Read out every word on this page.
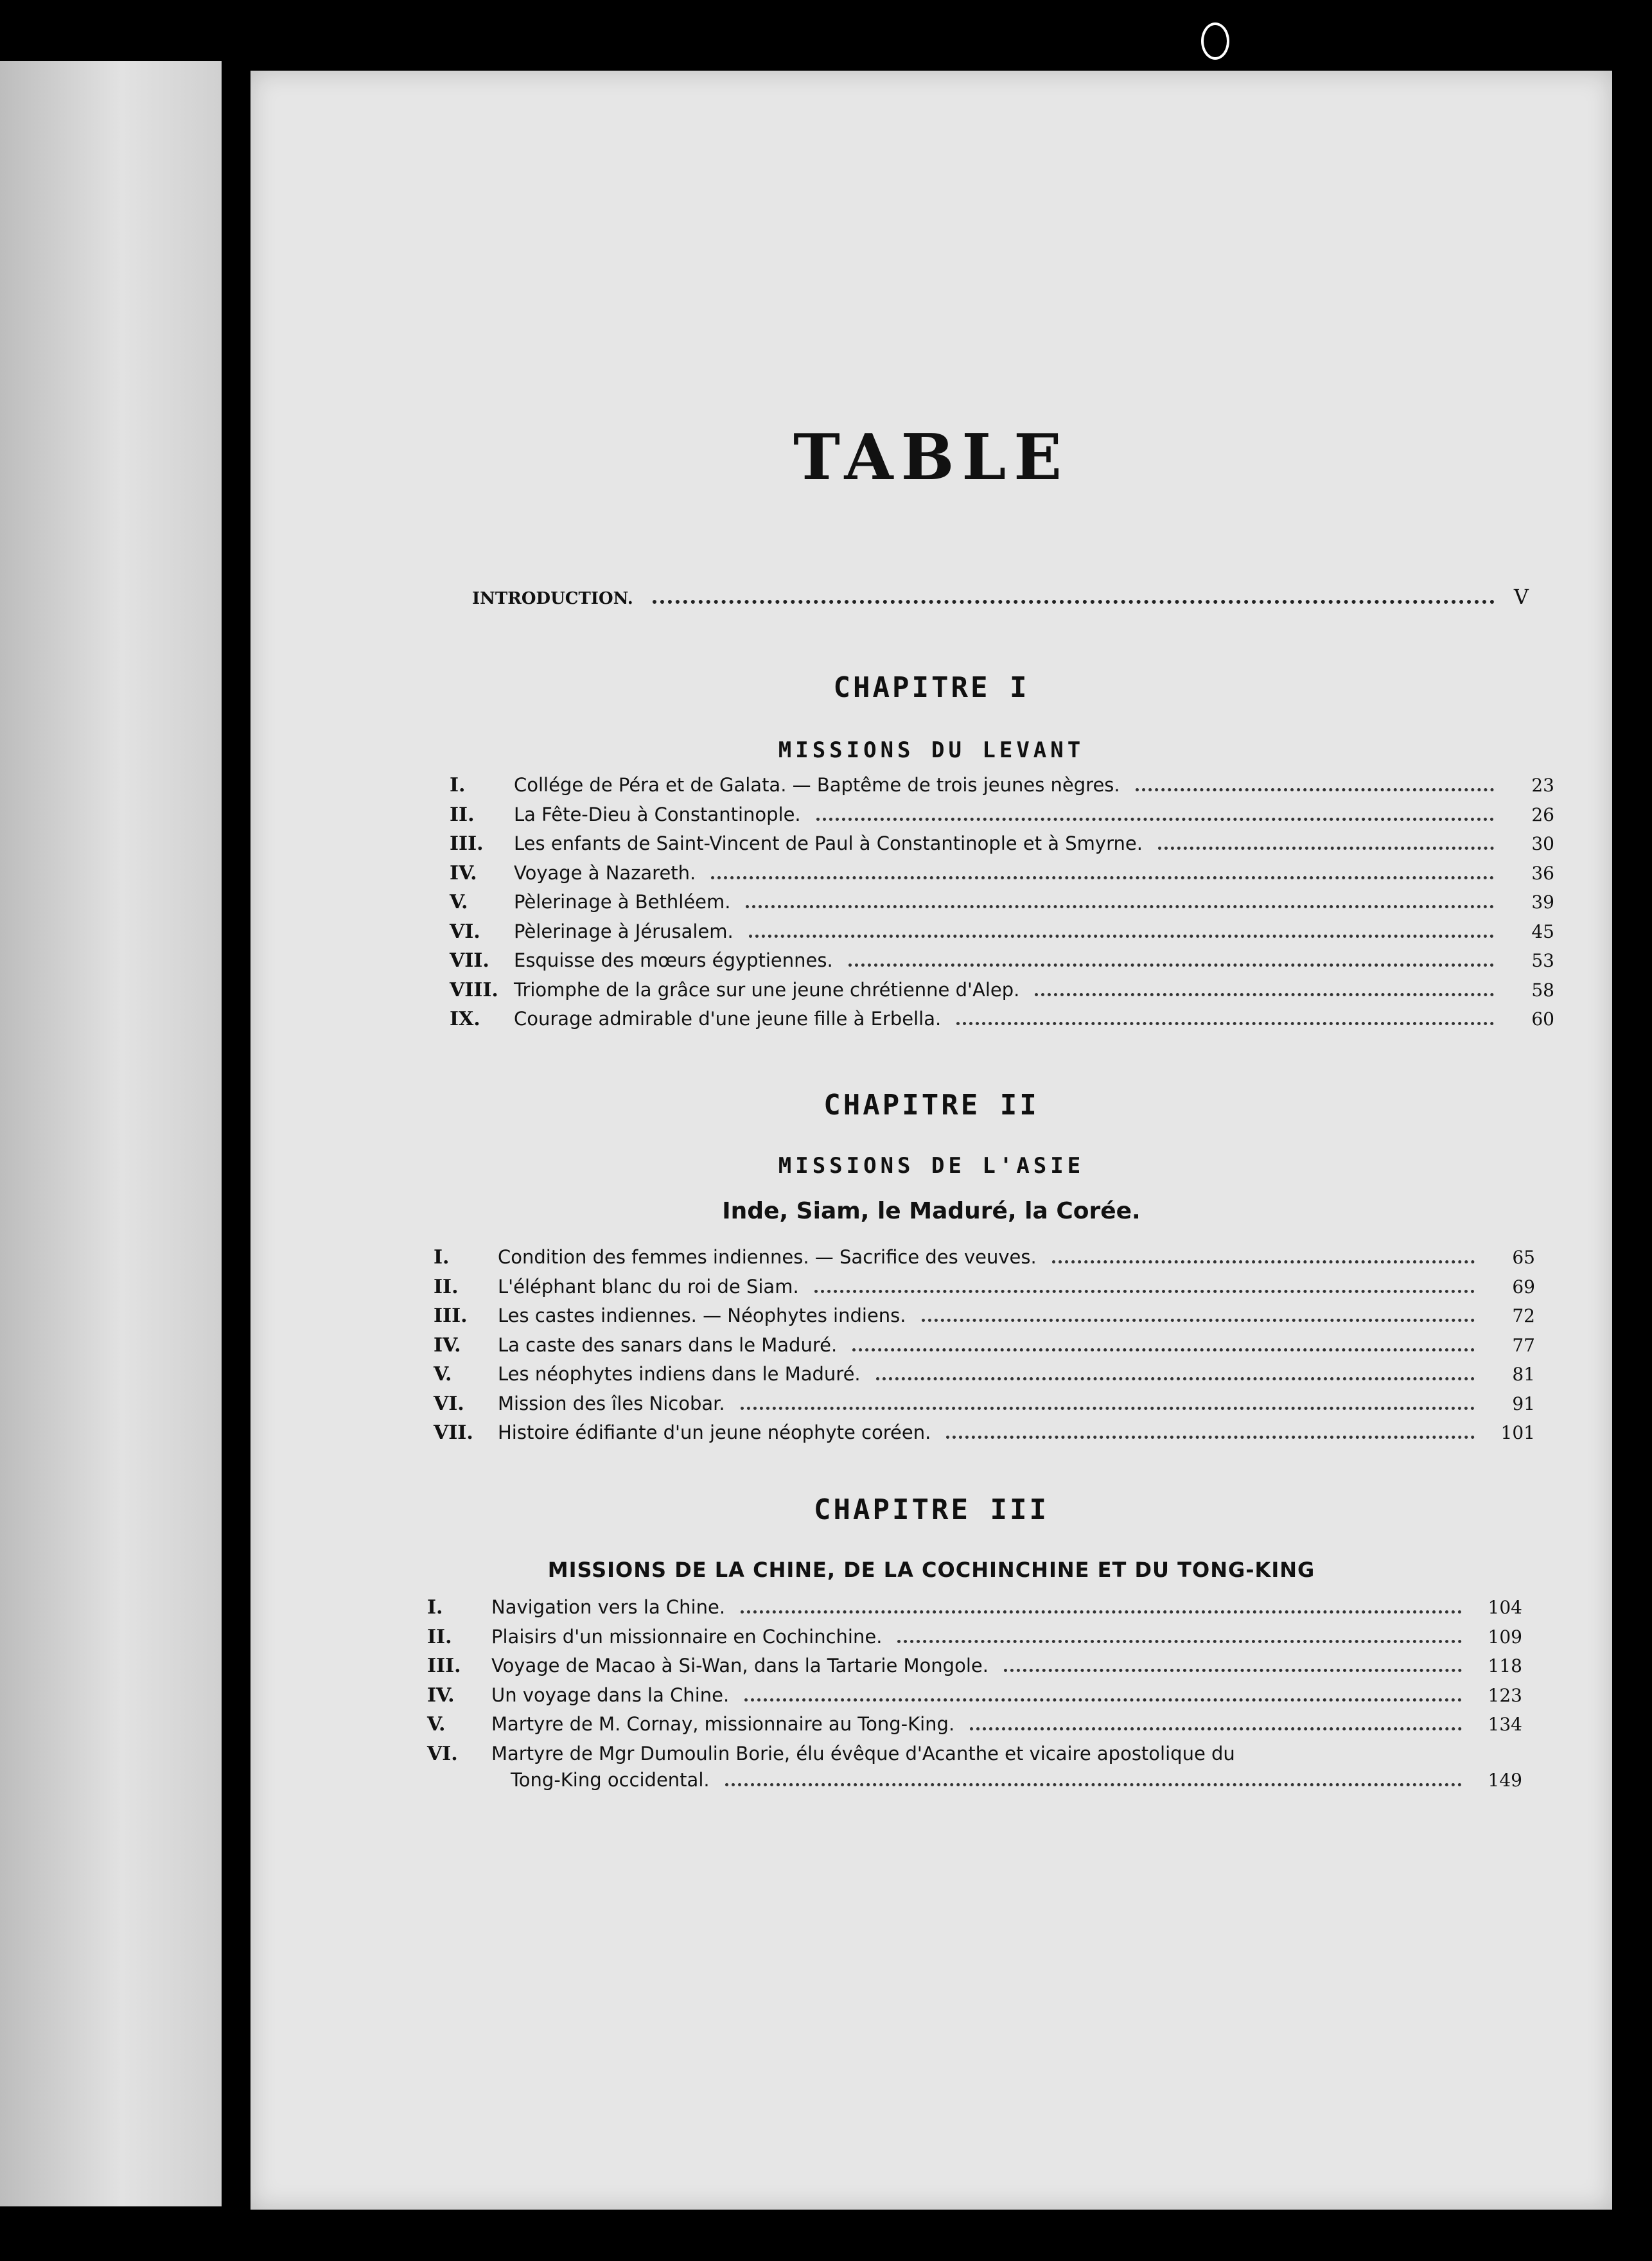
TABLE
INTRODUCTION.	V
CHAPITRE I
MISSIONS DU LEVANT
I.	Collége de Péra et de Galata. — Baptême de trois jeunes nègres.	23
II.	La Fête-Dieu à Constantinople.	26
III.	Les enfants de Saint-Vincent de Paul à Constantinople et à Smyrne.	30
IV.	Voyage à Nazareth.	36
V.	Pèlerinage à Bethléem.	39
VI.	Pèlerinage à Jérusalem.	45
VII.	Esquisse des mœurs égyptiennes.	53
VIII. Triomphe de la grâce sur une jeune chrétienne d'Alep.	58
IX.	Courage admirable d'une jeune fille à Erbella.	60
CHAPITRE II
MISSIONS DE L'ASIE
Inde, Siam, le Maduré, la Corée.
I.	Condition des femmes indiennes. — Sacrifice des veuves.	65
II.	L'éléphant blanc du roi de Siam.	69
III.	Les castes indiennes. — Néophytes indiens.	72
IV.	La caste des sanars dans le Maduré.	77
V.	Les néophytes indiens dans le Maduré.	81
VI.	Mission des îles Nicobar.	91
VII.	Histoire édifiante d'un jeune néophyte coréen.	101
CHAPITRE III
MISSIONS DE LA CHINE, DE LA COCHINCHINE ET DU TONG-KING
I.	Navigation vers la Chine.	104
II.	Plaisirs d'un missionnaire en Cochinchine.	109
III.	Voyage de Macao à Si-Wan, dans la Tartarie Mongole.	118
IV.	Un voyage dans la Chine.	123
V.	Martyre de M. Cornay, missionnaire au Tong-King.	134
VI.	Martyre de Mgr Dumoulin Borie, élu évêque d'Acanthe et vicaire apostolique du
Tong-King occidental.	149
